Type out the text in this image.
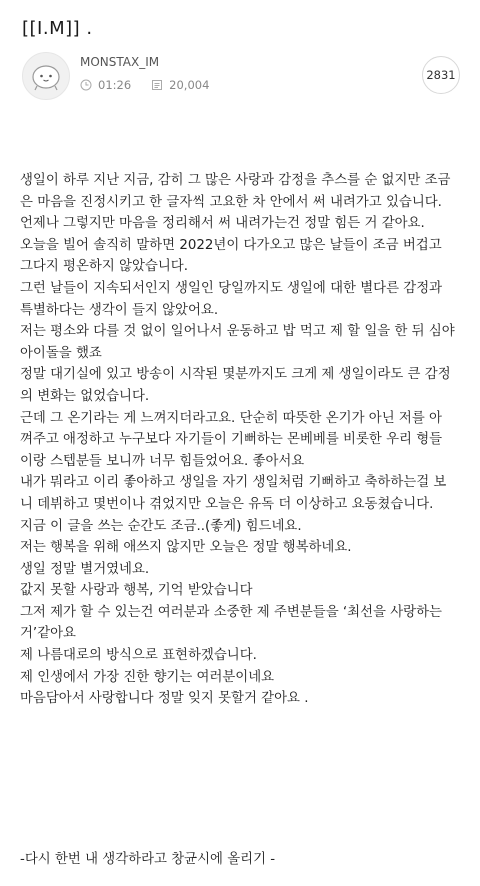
[[I.M]] .
MONSTAX_IM
01:26	20,004
2831

생일이 하루 지난 지금, 감히 그 많은 사랑과 감정을 추스를 순 없지만 조금

은 마음을 진정시키고 한 글자씩 고요한 차 안에서 써 내려가고 있습니다.

언제나 그렇지만 마음을 정리해서 써 내려가는건 정말 힘든 거 같아요.

오늘을 빌어 솔직히 말하면 2022년이 다가오고 많은 날들이 조금 버겁고

그다지 평온하지 않았습니다.

그런 날들이 지속되서인지 생일인 당일까지도 생일에 대한 별다른 감정과

특별하다는 생각이 들지 않았어요.

저는 평소와 다를 것 없이 일어나서 운동하고 밥 먹고 제 할 일을 한 뒤 심야

아이돌을 했죠

정말 대기실에 있고 방송이 시작된 몇분까지도 크게 제 생일이라도 큰 감정

의 변화는 없었습니다.

근데 그 온기라는 게 느껴지더라고요. 단순히 따뜻한 온기가 아닌 저를 아

껴주고 애정하고 누구보다 자기들이 기뻐하는 몬베베를 비롯한 우리 형들

이랑 스텝분들 보니까 너무 힘들었어요. 좋아서요

내가 뭐라고 이리 좋아하고 생일을 자기 생일처럼 기뻐하고 축하하는걸 보

니 데뷔하고 몇번이나 겪었지만 오늘은 유독 더 이상하고 요동쳤습니다.

지금 이 글을 쓰는 순간도 조금..(좋게) 힘드네요.

저는 행복을 위해 애쓰지 않지만 오늘은 정말 행복하네요.

생일 정말 별거였네요.

값지 못할 사랑과 행복, 기억 받았습니다

그저 제가 할 수 있는건 여러분과 소중한 제 주변분들을 ‘최선을 사랑하는

거’같아요

제 나름대로의 방식으로 표현하겠습니다.

제 인생에서 가장 진한 향기는 여러분이네요

마음담아서 사랑합니다 정말 잊지 못할거 같아요 .

-다시 한번 내 생각하라고 창균시에 올리기 -
